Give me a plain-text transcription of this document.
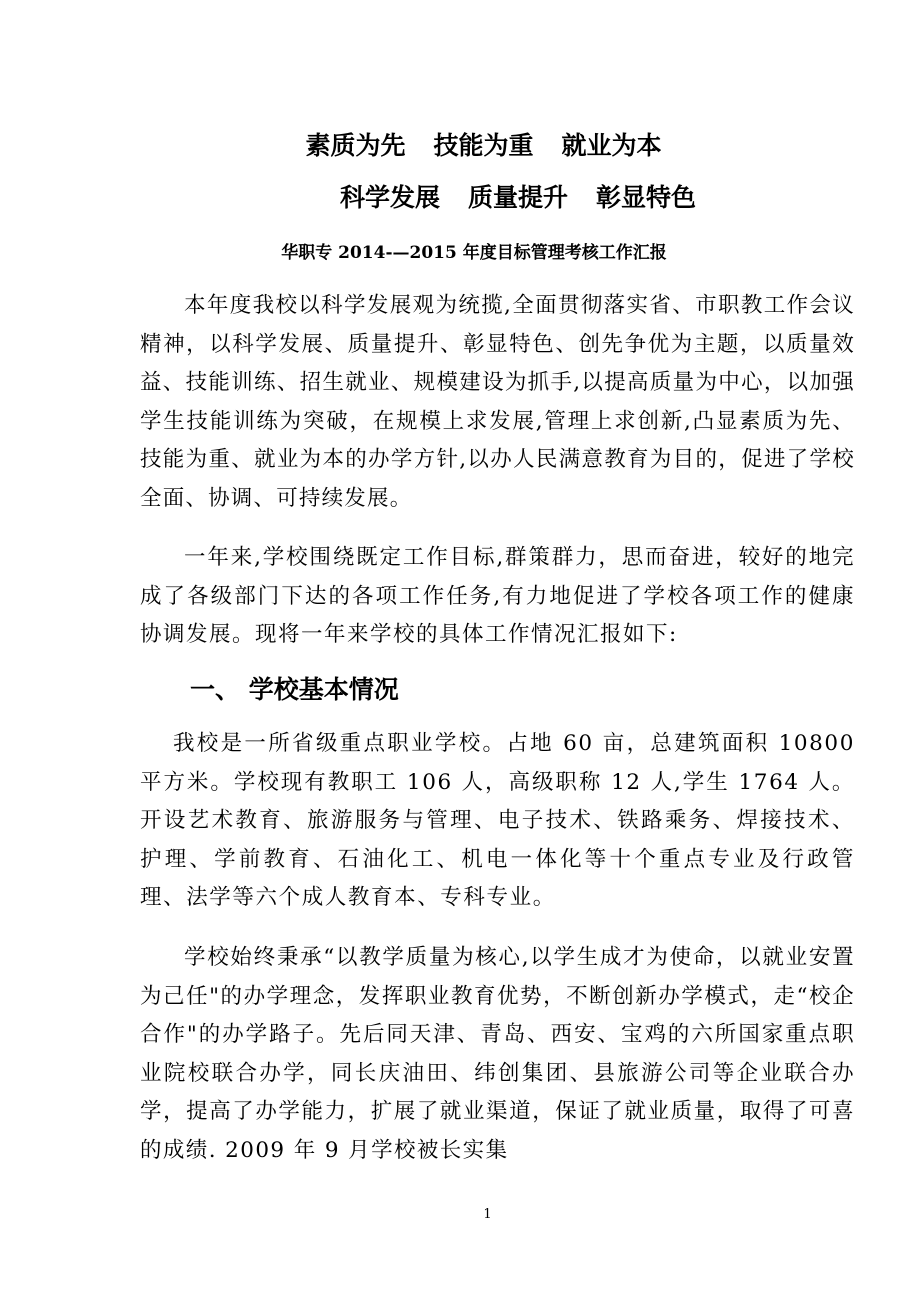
素质为先 技能为重 就业为本
科学发展 质量提升 彰显特色
华职专 2014-—2015 年度目标管理考核工作汇报

本年度我校以科学发展观为统揽,全面贯彻落实省、市职教工作会议精神，以科学发展、质量提升、彰显特色、创先争优为主题，以质量效益、技能训练、招生就业、规模建设为抓手,以提高质量为中心，以加强学生技能训练为突破，在规模上求发展,管理上求创新,凸显素质为先、技能为重、就业为本的办学方针,以办人民满意教育为目的，促进了学校全面、协调、可持续发展。

一年来,学校围绕既定工作目标,群策群力，思而奋进，较好的地完成了各级部门下达的各项工作任务,有力地促进了学校各项工作的健康协调发展。现将一年来学校的具体工作情况汇报如下:

一、 学校基本情况

我校是一所省级重点职业学校。占地 60 亩，总建筑面积 10800 平方米。学校现有教职工 106 人，高级职称 12 人,学生 1764 人。开设艺术教育、旅游服务与管理、电子技术、铁路乘务、焊接技术、护理、学前教育、石油化工、机电一体化等十个重点专业及行政管理、法学等六个成人教育本、专科专业。

学校始终秉承“以教学质量为核心,以学生成才为使命，以就业安置为己任"的办学理念，发挥职业教育优势，不断创新办学模式，走“校企合作"的办学路子。先后同天津、青岛、西安、宝鸡的六所国家重点职业院校联合办学，同长庆油田、纬创集团、县旅游公司等企业联合办学，提高了办学能力，扩展了就业渠道，保证了就业质量，取得了可喜的成绩. 2009 年 9 月学校被长实集

1
